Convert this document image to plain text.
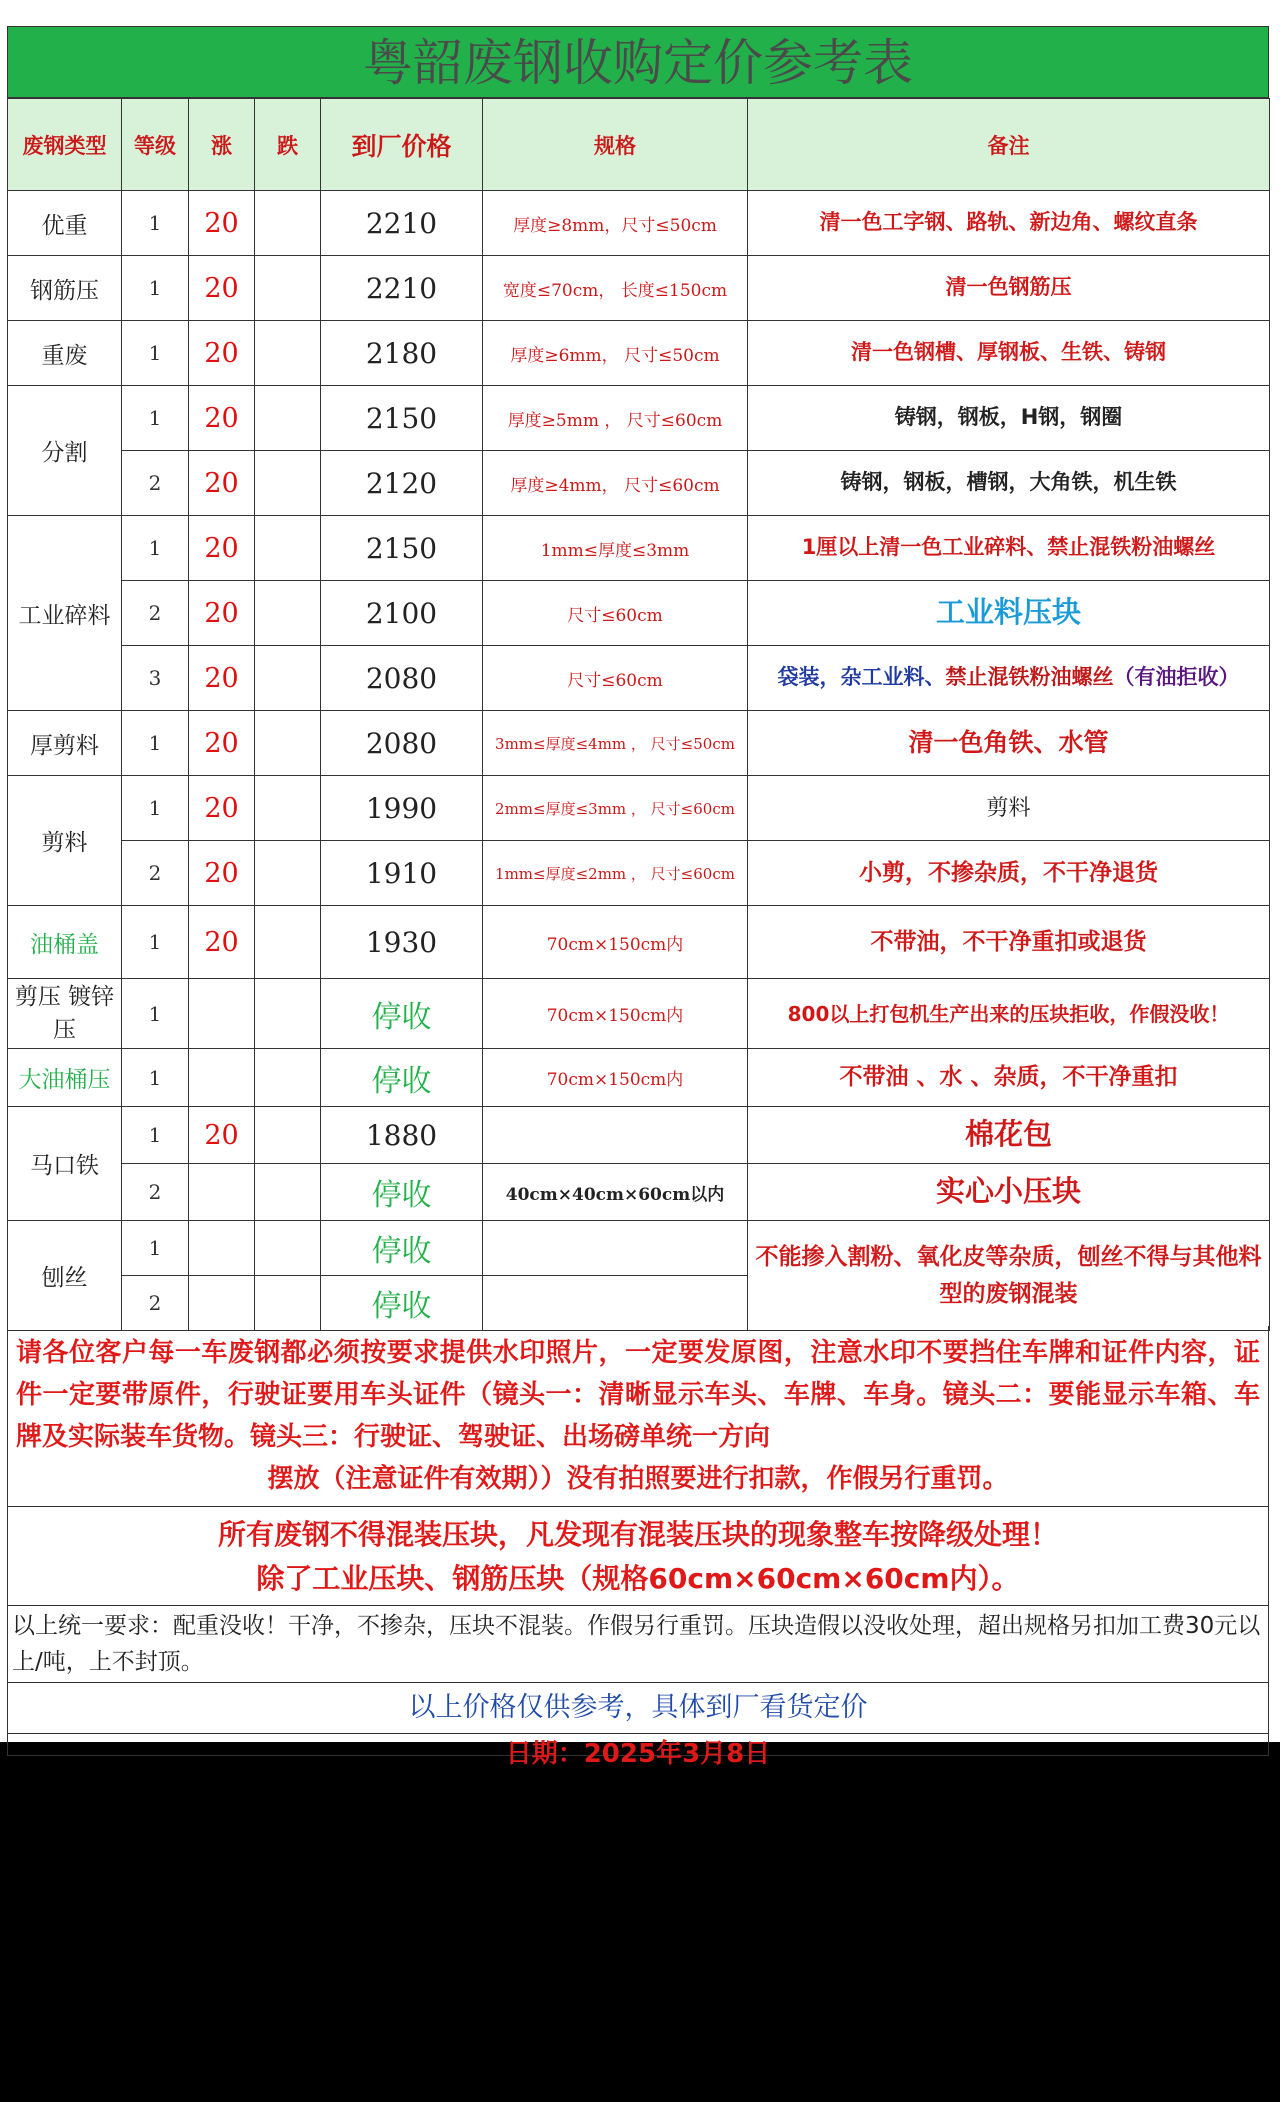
粤韶废钢收购定价参考表
废钢类型	等级	涨	跌	到厂价格	规格	备注
优重	1	20		2210	厚度≥8mm，尺寸≤50cm	清一色工字钢、路轨、新边角、螺纹直条
钢筋压	1	20		2210	宽度≤70cm， 长度≤150cm	清一色钢筋压
重废	1	20		2180	厚度≥6mm， 尺寸≤50cm	清一色钢槽、厚钢板、生铁、铸钢
分割	1	20		2150	厚度≥5mm ， 尺寸≤60cm	铸钢，钢板，H钢，钢圈
	2	20		2120	厚度≥4mm， 尺寸≤60cm	铸钢，钢板，槽钢，大角铁，机生铁
工业碎料	1	20		2150	1mm≤厚度≤3mm	1厘以上清一色工业碎料、禁止混铁粉油螺丝
	2	20		2100	尺寸≤60cm	工业料压块
	3	20		2080	尺寸≤60cm	袋装，杂工业料、禁止混铁粉油螺丝（有油拒收）
厚剪料	1	20		2080	3mm≤厚度≤4mm ， 尺寸≤50cm	清一色角铁、水管
剪料	1	20		1990	2mm≤厚度≤3mm ， 尺寸≤60cm	剪料
	2	20		1910	1mm≤厚度≤2mm ， 尺寸≤60cm	小剪，不掺杂质，不干净退货
油桶盖	1	20		1930	70cm×150cm内	不带油，不干净重扣或退货
剪压 镀锌压	1			停收	70cm×150cm内	800以上打包机生产出来的压块拒收，作假没收！
大油桶压	1			停收	70cm×150cm内	不带油 、水 、杂质，不干净重扣
马口铁	1	20		1880		棉花包
	2			停收	40cm×40cm×60cm以内	实心小压块
刨丝	1			停收		不能掺入割粉、氧化皮等杂质，刨丝不得与其他料型的废钢混装
	2			停收		
请各位客户每一车废钢都必须按要求提供水印照片，一定要发原图，注意水印不要挡住车牌和证件内容，证件一定要带原件，行驶证要用车头证件（镜头一：清晰显示车头、车牌、车身。镜头二：要能显示车箱、车牌及实际装车货物。镜头三：行驶证、驾驶证、出场磅单统一方向
摆放（注意证件有效期））没有拍照要进行扣款，作假另行重罚。
所有废钢不得混装压块，凡发现有混装压块的现象整车按降级处理！
除了工业压块、钢筋压块（规格60cm×60cm×60cm内）。
以上统一要求：配重没收！干净，不掺杂，压块不混装。作假另行重罚。压块造假以没收处理，超出规格另扣加工费30元以上/吨，上不封顶。
以上价格仅供参考，具体到厂看货定价
日期：2025年3月8日
